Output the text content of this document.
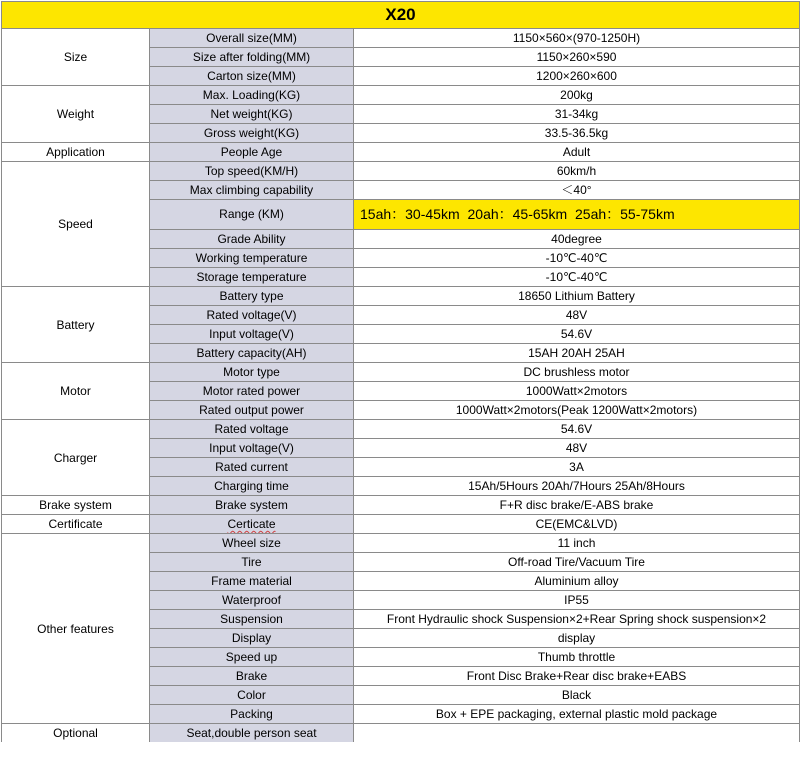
X20		
Size	Overall size(MM)	1150×560×(970-1250H)
	Size after folding(MM)	1150×260×590
	Carton size(MM)	1200×260×600
Weight	Max. Loading(KG)	200kg
	Net weight(KG)	31-34kg
	Gross weight(KG)	33.5-36.5kg
Application	People Age	Adult
Speed	Top speed(KM/H)	60km/h
	Max climbing capability	＜40°
	Range (KM)	15ah：30-45km 20ah：45-65km 25ah：55-75km
	Grade Ability	40degree
	Working temperature	-10℃-40℃
	Storage temperature	-10℃-40℃
Battery	Battery type	18650 Lithium Battery
	Rated voltage(V)	48V
	Input voltage(V)	54.6V
	Battery capacity(AH)	15AH 20AH 25AH
Motor	Motor type	DC brushless motor
	Motor rated power	1000Watt×2motors
	Rated output power	1000Watt×2motors(Peak 1200Watt×2motors)
Charger	Rated voltage	54.6V
	Input voltage(V)	48V
	Rated current	3A
	Charging time	15Ah/5Hours 20Ah/7Hours 25Ah/8Hours
Brake system	Brake system	F+R disc brake/E-ABS brake
Certificate	Certicate	CE(EMC&LVD)
Other features	Wheel size	11 inch
	Tire	Off-road Tire/Vacuum Tire
	Frame material	Aluminium alloy
	Waterproof	IP55
	Suspension	Front Hydraulic shock Suspension×2+Rear Spring shock suspension×2
	Display	display
	Speed up	Thumb throttle
	Brake	Front Disc Brake+Rear disc brake+EABS
	Color	Black
	Packing	Box + EPE packaging, external plastic mold package
Optional	Seat,double person seat	
